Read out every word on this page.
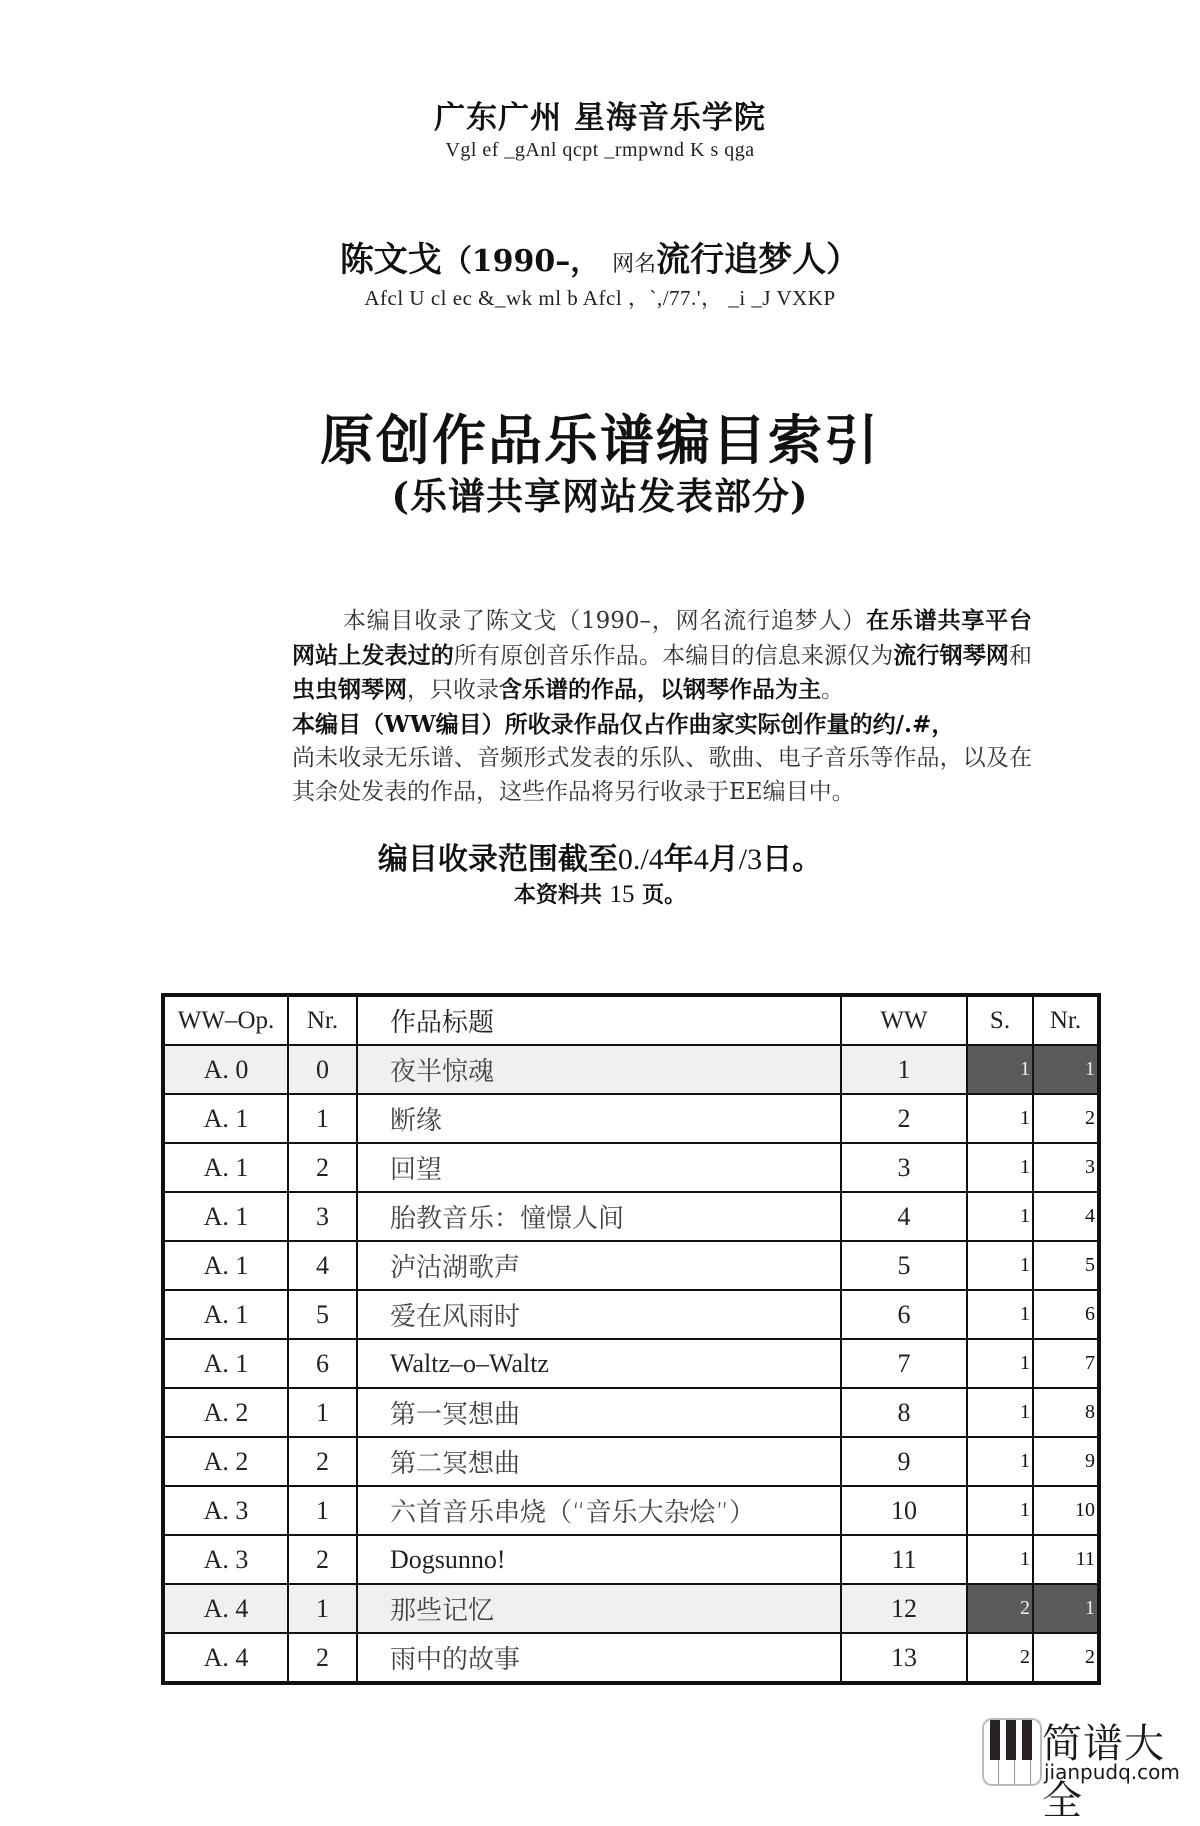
广东广州 星海音乐学院
Vgl ef _gAnl qcpt _rmpwnd K s qga
陈文戈（1990–， 网名流行追梦人）
Afcl U cl ec &_wk ml b Afcl ，`,/77.'， _i _J VXKP
原创作品乐谱编目索引
(乐谱共享网站发表部分)
本编目收录了陈文戈（1990–，网名流行追梦人）在乐谱共享平台网站上发表过的所有原创音乐作品。本编目的信息来源仅为流行钢琴网和虫虫钢琴网，只收录含乐谱的作品，以钢琴作品为主。
本编目（WW编目）所收录作品仅占作曲家实际创作量的约/.#，
尚未收录无乐谱、音频形式发表的乐队、歌曲、电子音乐等作品，以及在其余处发表的作品，这些作品将另行收录于EE编目中。
编目收录范围截至0./4年4月/3日。
本资料共 15 页。
WW–Op.	Nr.	作品标题	WW	S.	Nr.
A. 0	0	夜半惊魂	1	1	1
A. 1	1	断缘	2	1	2
A. 1	2	回望	3	1	3
A. 1	3	胎教音乐：憧憬人间	4	1	4
A. 1	4	泸沽湖歌声	5	1	5
A. 1	5	爱在风雨时	6	1	6
A. 1	6	Waltz–o–Waltz	7	1	7
A. 2	1	第一冥想曲	8	1	8
A. 2	2	第二冥想曲	9	1	9
A. 3	1	六首音乐串烧（“音乐大杂烩”）	10	1	10
A. 3	2	Dogsunno!	11	1	11
A. 4	1	那些记忆	12	2	1
A. 4	2	雨中的故事	13	2	2
简谱大全
jianpudq.com
